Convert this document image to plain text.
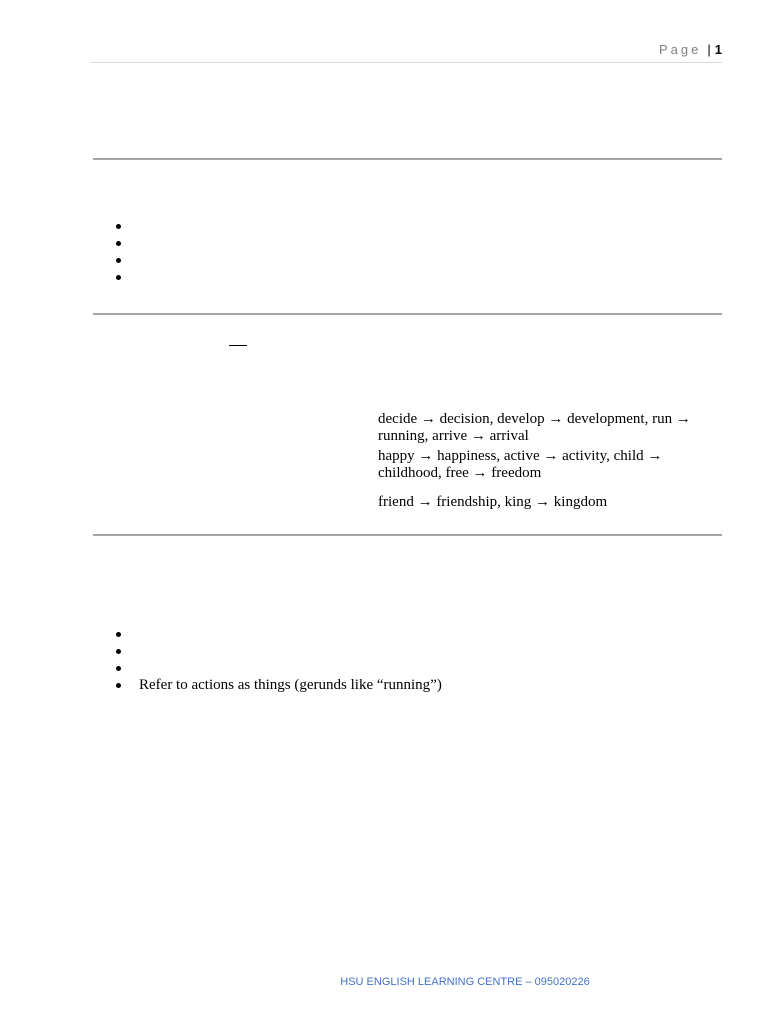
Page | 1
decide → decision, develop → development, run → running, arrive → arrival
happy → happiness, active → activity, child → childhood, free → freedom
friend → friendship, king → kingdom
Refer to actions as things (gerunds like “running”)
HSU ENGLISH LEARNING CENTRE – 095020226
